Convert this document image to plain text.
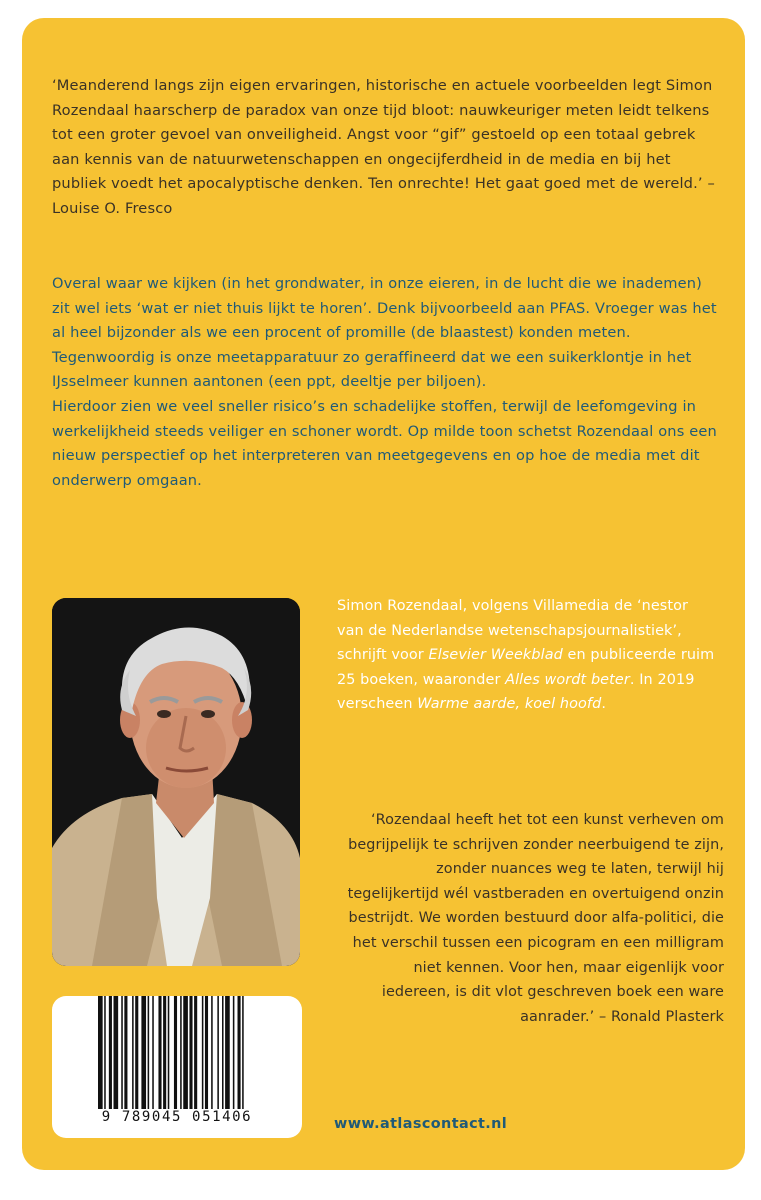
‘Meanderend langs zijn eigen ervaringen, historische en actuele voorbeelden legt Simon Rozendaal haarscherp de paradox van onze tijd bloot: nauwkeuriger meten leidt telkens tot een groter gevoel van onveiligheid. Angst voor “gif” gestoeld op een totaal gebrek aan kennis van de natuurwetenschappen en ongecijferdheid in de media en bij het publiek voedt het apocalyptische denken. Ten onrechte! Het gaat goed met de wereld.’ – Louise O. Fresco

Overal waar we kijken (in het grondwater, in onze eieren, in de lucht die we inademen) zit wel iets ‘wat er niet thuis lijkt te horen’. Denk bijvoorbeeld aan PFAS. Vroeger was het al heel bijzonder als we een procent of promille (de blaastest) konden meten. Tegenwoordig is onze meetapparatuur zo geraffineerd dat we een suikerklontje in het IJsselmeer kunnen aantonen (een ppt, deeltje per biljoen).

Hierdoor zien we veel sneller risico’s en schadelijke stoffen, terwijl de leefomgeving in werkelijkheid steeds veiliger en schoner wordt. Op milde toon schetst Rozendaal ons een nieuw perspectief op het interpreteren van meetgegevens en op hoe de media met dit onderwerp omgaan.

Simon Rozendaal, volgens Villamedia de ‘nestor van de Nederlandse wetenschapsjournalistiek’, schrijft voor Elsevier Weekblad en publiceerde ruim 25 boeken, waaronder Alles wordt beter. In 2019 verscheen Warme aarde, koel hoofd.
‘Rozendaal heeft het tot een kunst verheven om begrijpelijk te schrijven zonder neerbuigend te zijn, zonder nuances weg te laten, terwijl hij tegelijkertijd wél vastberaden en overtuigend onzin bestrijdt. We worden bestuurd door alfa-politici, die het verschil tussen een picogram en een milligram niet kennen. Voor hen, maar eigenlijk voor iedereen, is dit vlot geschreven boek een ware aanrader.’ – Ronald Plasterk
9 789045 051406	www.atlascontact.nl
